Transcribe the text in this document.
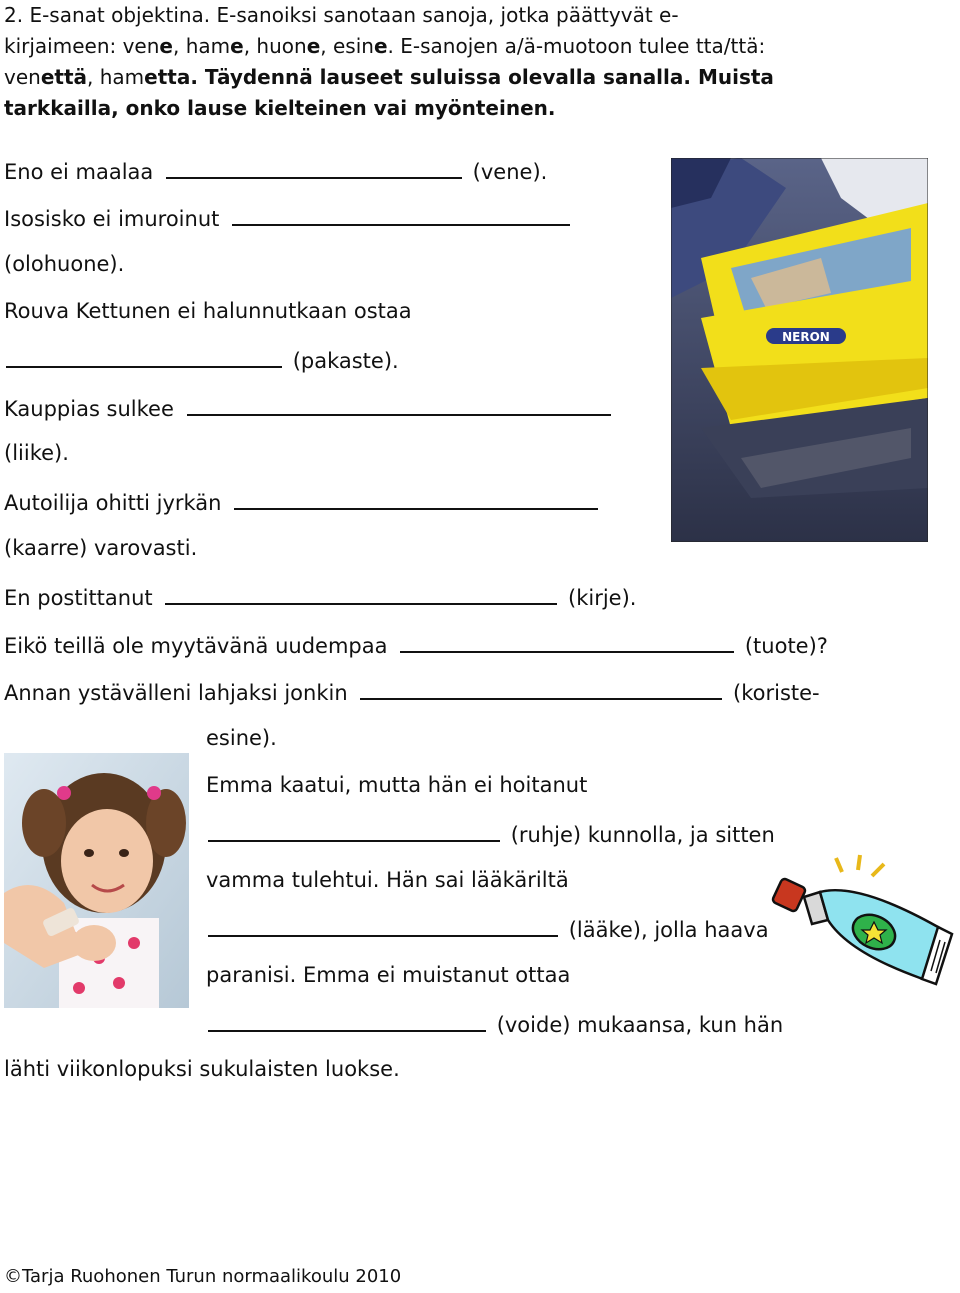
2. E-sanat objektina. E-sanoiksi sanotaan sanoja, jotka päättyvät e-
kirjaimeen: vene, hame, huone, esine. E-sanojen a/ä-muotoon tulee tta/ttä:
venettä, hametta. Täydennä lauseet suluissa olevalla sanalla. Muista
tarkkailla, onko lause kielteinen vai myönteinen.
Eno ei maalaa	(vene).
Isosisko ei imuroinut
(olohuone).
Rouva Kettunen ei halunnutkaan ostaa
(pakaste).
Kauppias sulkee
(liike).
Autoilija ohitti jyrkän
(kaarre) varovasti.
En postittanut	(kirje).
Eikö teillä ole myytävänä uudempaa	(tuote)?
Annan ystävälleni lahjaksi jonkin	(koriste-
esine).
Emma kaatui, mutta hän ei hoitanut
(ruhje) kunnolla, ja sitten
vamma tulehtui. Hän sai lääkäriltä
(lääke), jolla haava
paranisi. Emma ei muistanut ottaa
(voide) mukaansa, kun hän
lähti viikonlopuksi sukulaisten luokse.
NERON
©Tarja Ruohonen Turun normaalikoulu 2010
